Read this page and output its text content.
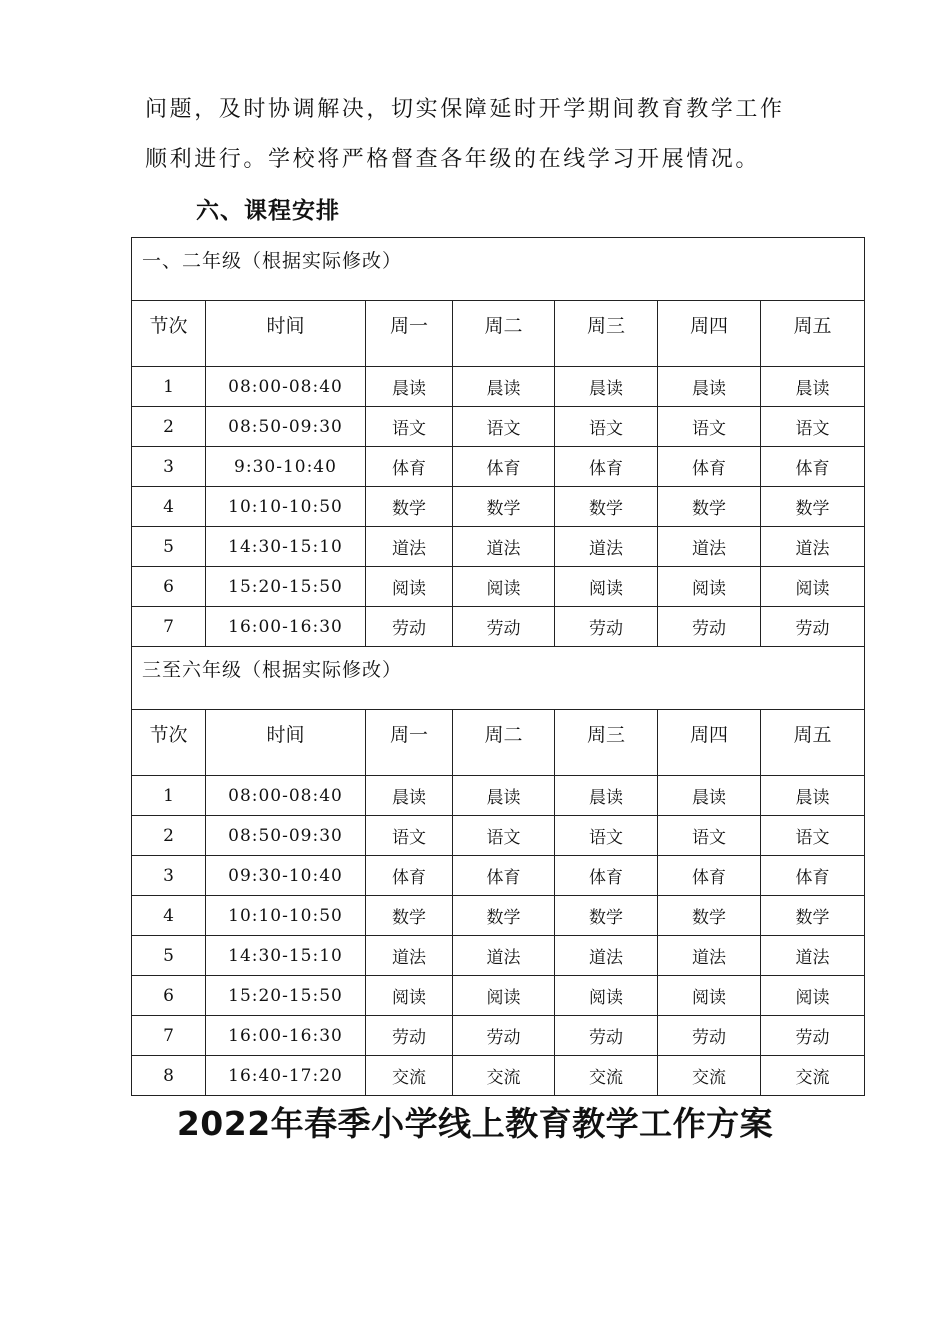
问题，及时协调解决，切实保障延时开学期间教育教学工作
顺利进行。学校将严格督查各年级的在线学习开展情况。
六、课程安排
一、二年级（根据实际修改）						
节次	时间	周一	周二	周三	周四	周五
1	08:00-08:40	晨读	晨读	晨读	晨读	晨读
2	08:50-09:30	语文	语文	语文	语文	语文
3	9:30-10:40	体育	体育	体育	体育	体育
4	10:10-10:50	数学	数学	数学	数学	数学
5	14:30-15:10	道法	道法	道法	道法	道法
6	15:20-15:50	阅读	阅读	阅读	阅读	阅读
7	16:00-16:30	劳动	劳动	劳动	劳动	劳动
三至六年级（根据实际修改）						
节次	时间	周一	周二	周三	周四	周五
1	08:00-08:40	晨读	晨读	晨读	晨读	晨读
2	08:50-09:30	语文	语文	语文	语文	语文
3	09:30-10:40	体育	体育	体育	体育	体育
4	10:10-10:50	数学	数学	数学	数学	数学
5	14:30-15:10	道法	道法	道法	道法	道法
6	15:20-15:50	阅读	阅读	阅读	阅读	阅读
7	16:00-16:30	劳动	劳动	劳动	劳动	劳动
8	16:40-17:20	交流	交流	交流	交流	交流
2022年春季小学线上教育教学工作方案
